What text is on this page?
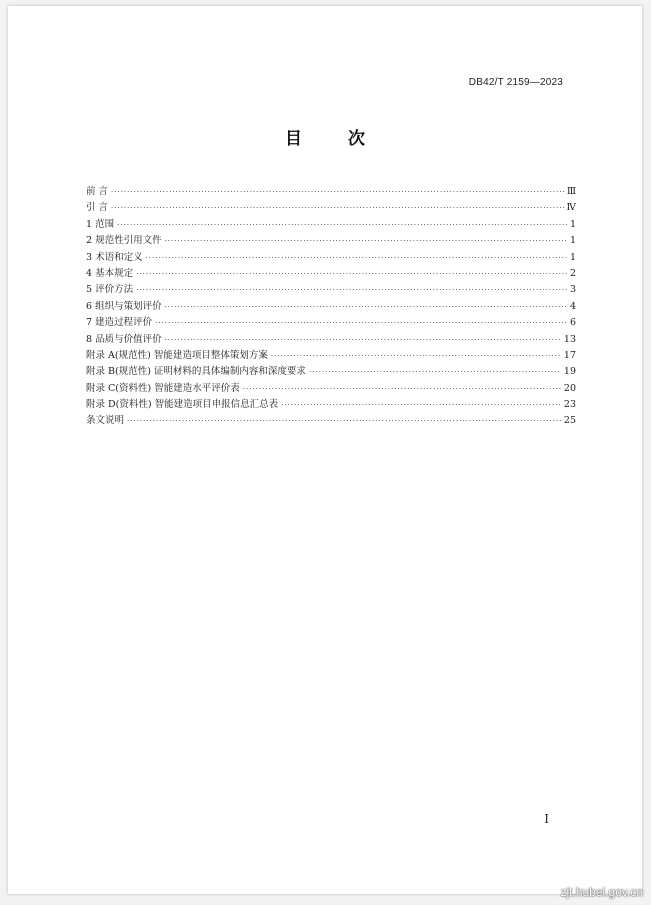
DB42/T 2159—2023
目 次
前 言 ·····	Ⅲ
引 言 ·····	Ⅳ
1 范围 ·····	1
2 规范性引用文件 ·····	1
3 术语和定义 ·····	1
4 基本规定 ·····	2
5 评价方法 ·····	3
6 组织与策划评价 ·····	4
7 建造过程评价 ·····	6
8 品质与价值评价 ·····	13
附录 A(规范性) 智能建造项目整体策划方案 ·····	17
附录 B(规范性) 证明材料的具体编制内容和深度要求 ·····	19
附录 C(资料性) 智能建造水平评价表 ·····	20
附录 D(资料性) 智能建造项目申报信息汇总表 ·····	23
条文说明 ·····	25
I
zjt.hubei.gov.cn
